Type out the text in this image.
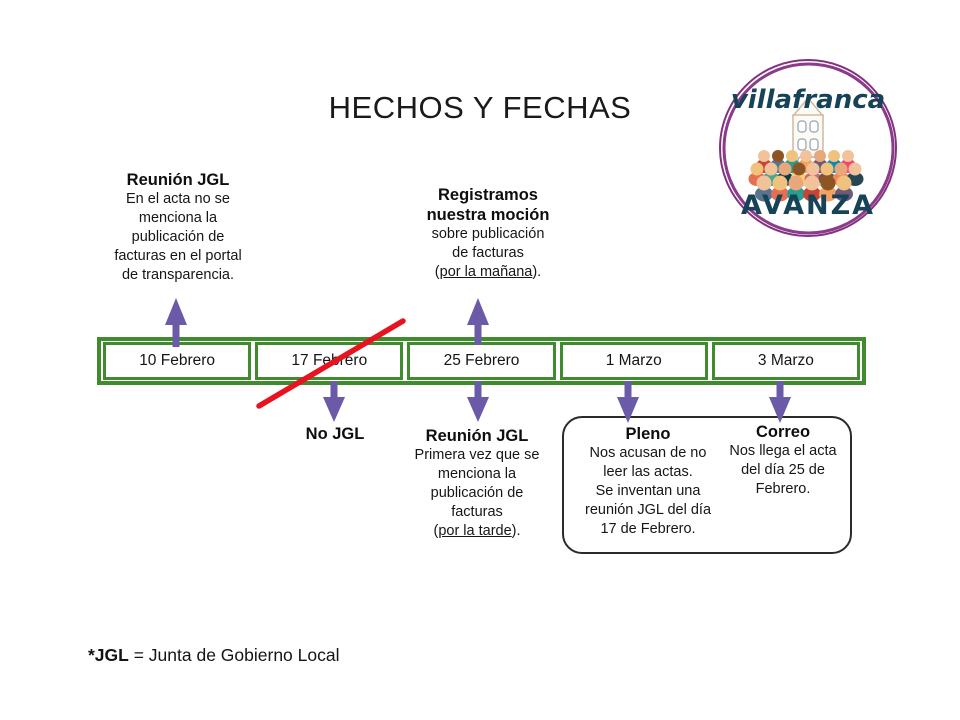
HECHOS Y FECHAS	villafranca
AVANZA
Reunión JGL
En el acta no se
menciona la
publicación de
facturas en el portal
de transparencia.
Registramos
nuestra moción
sobre publicación
de facturas
(por la mañana).
10 Febrero	17 Febrero	25 Febrero	1 Marzo	3 Marzo
No JGL	Reunión JGL
Primera vez que se
menciona la
publicación de
facturas
(por la tarde).
Pleno
Nos acusan de no
leer las actas.
Se inventan una
reunión JGL del día
17 de Febrero.
Correo
Nos llega el acta
del día 25 de
Febrero.
*JGL = Junta de Gobierno Local
